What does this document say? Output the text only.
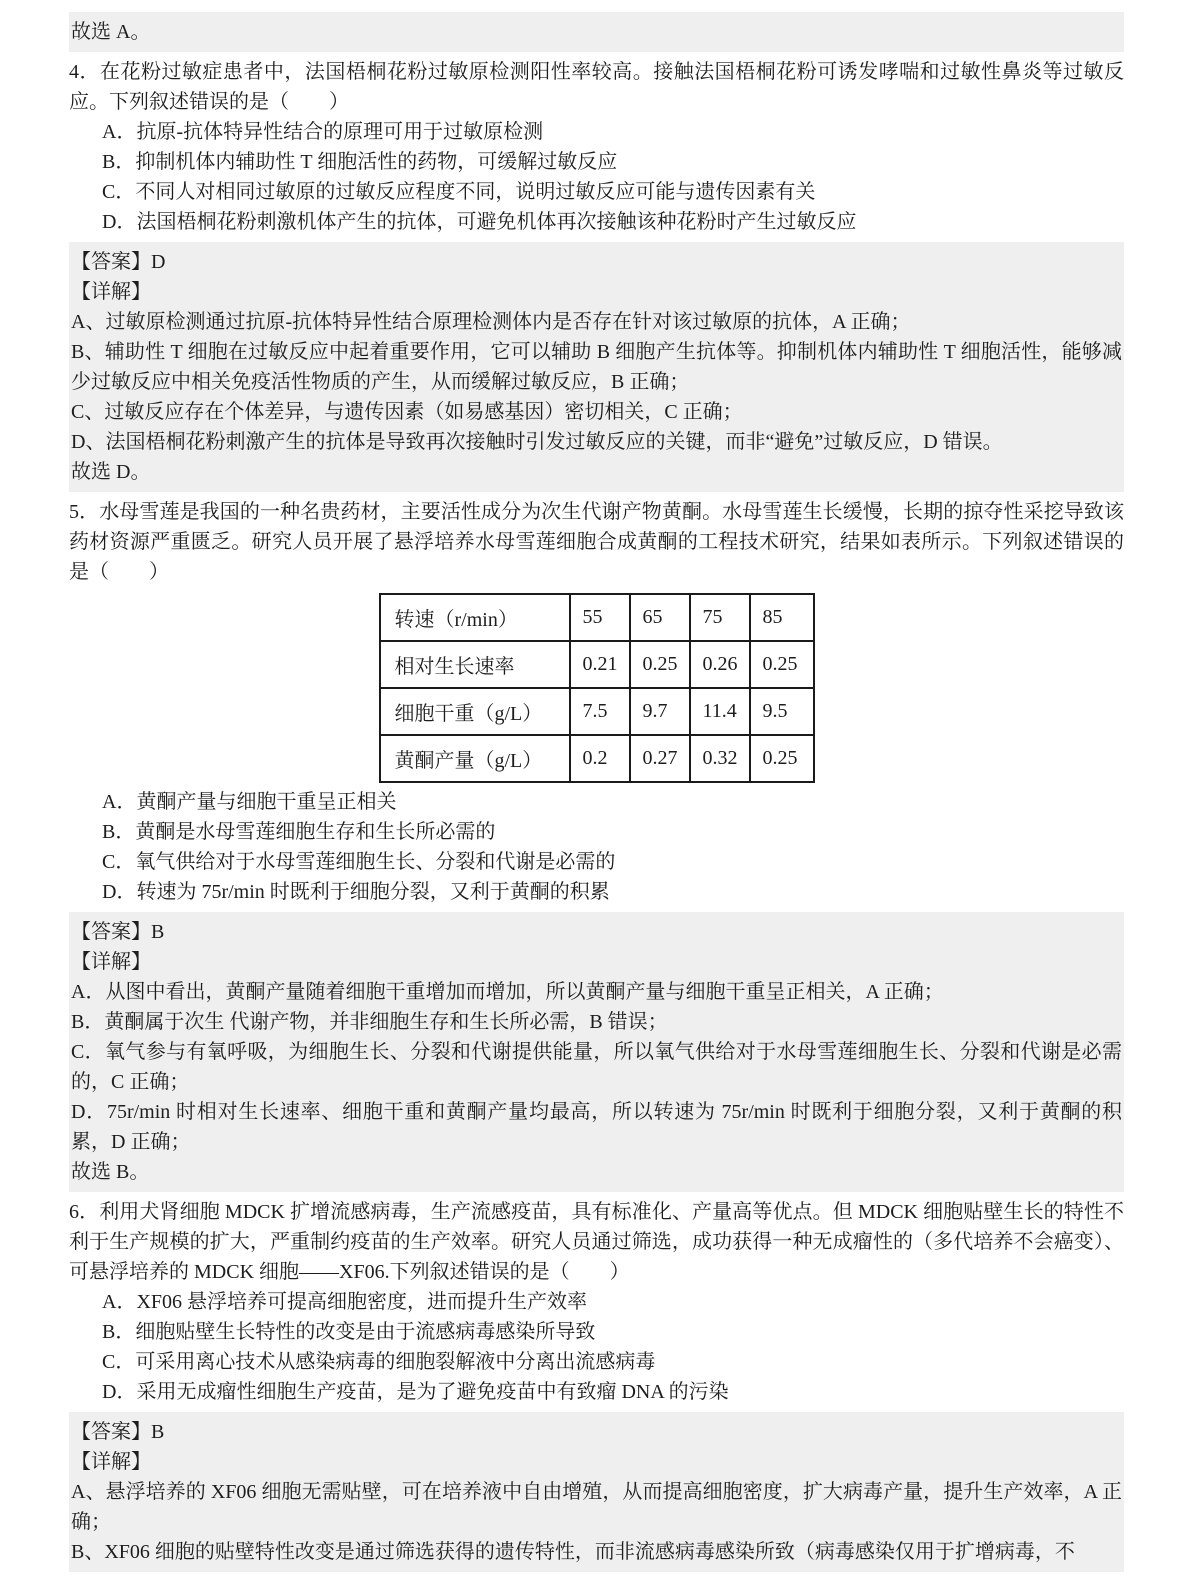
故选 A。

4．在花粉过敏症患者中，法国梧桐花粉过敏原检测阳性率较高。接触法国梧桐花粉可诱发哮喘和过敏性鼻炎等过敏反应。下列叙述错误的是（　　）

A．抗原-抗体特异性结合的原理可用于过敏原检测

B．抑制机体内辅助性 T 细胞活性的药物，可缓解过敏反应

C．不同人对相同过敏原的过敏反应程度不同，说明过敏反应可能与遗传因素有关

D．法国梧桐花粉刺激机体产生的抗体，可避免机体再次接触该种花粉时产生过敏反应

【答案】D

【详解】

A、过敏原检测通过抗原-抗体特异性结合原理检测体内是否存在针对该过敏原的抗体，A 正确；

B、辅助性 T 细胞在过敏反应中起着重要作用，它可以辅助 B 细胞产生抗体等。抑制机体内辅助性 T 细胞活性，能够减少过敏反应中相关免疫活性物质的产生，从而缓解过敏反应，B 正确；

C、过敏反应存在个体差异，与遗传因素（如易感基因）密切相关，C 正确；

D、法国梧桐花粉刺激产生的抗体是导致再次接触时引发过敏反应的关键，而非“避免”过敏反应，D 错误。

故选 D。

5．水母雪莲是我国的一种名贵药材，主要活性成分为次生代谢产物黄酮。水母雪莲生长缓慢，长期的掠夺性采挖导致该药材资源严重匮乏。研究人员开展了悬浮培养水母雪莲细胞合成黄酮的工程技术研究，结果如表所示。下列叙述错误的是（　　）

转速（r/min）	55	65	75	85
相对生长速率	0.21	0.25	0.26	0.25
细胞干重（g/L）	7.5	9.7	11.4	9.5
黄酮产量（g/L）	0.2	0.27	0.32	0.25

A．黄酮产量与细胞干重呈正相关

B．黄酮是水母雪莲细胞生存和生长所必需的

C．氧气供给对于水母雪莲细胞生长、分裂和代谢是必需的

D．转速为 75r/min 时既利于细胞分裂，又利于黄酮的积累

【答案】B

【详解】

A．从图中看出，黄酮产量随着细胞干重增加而增加，所以黄酮产量与细胞干重呈正相关，A 正确；

B．黄酮属于次生 代谢产物，并非细胞生存和生长所必需，B 错误；

C．氧气参与有氧呼吸，为细胞生长、分裂和代谢提供能量，所以氧气供给对于水母雪莲细胞生长、分裂和代谢是必需的，C 正确；

D．75r/min 时相对生长速率、细胞干重和黄酮产量均最高，所以转速为 75r/min 时既利于细胞分裂，又利于黄酮的积累，D 正确；

故选 B。

6．利用犬肾细胞 MDCK 扩增流感病毒，生产流感疫苗，具有标准化、产量高等优点。但 MDCK 细胞贴壁生长的特性不利于生产规模的扩大，严重制约疫苗的生产效率。研究人员通过筛选，成功获得一种无成瘤性的（多代培养不会癌变）、可悬浮培养的 MDCK 细胞——XF06.下列叙述错误的是（　　）

A．XF06 悬浮培养可提高细胞密度，进而提升生产效率

B．细胞贴壁生长特性的改变是由于流感病毒感染所导致

C．可采用离心技术从感染病毒的细胞裂解液中分离出流感病毒

D．采用无成瘤性细胞生产疫苗，是为了避免疫苗中有致瘤 DNA 的污染

【答案】B

【详解】

A、悬浮培养的 XF06 细胞无需贴壁，可在培养液中自由增殖，从而提高细胞密度，扩大病毒产量，提升生产效率，A 正确；

B、XF06 细胞的贴壁特性改变是通过筛选获得的遗传特性，而非流感病毒感染所致（病毒感染仅用于扩增病毒，不
